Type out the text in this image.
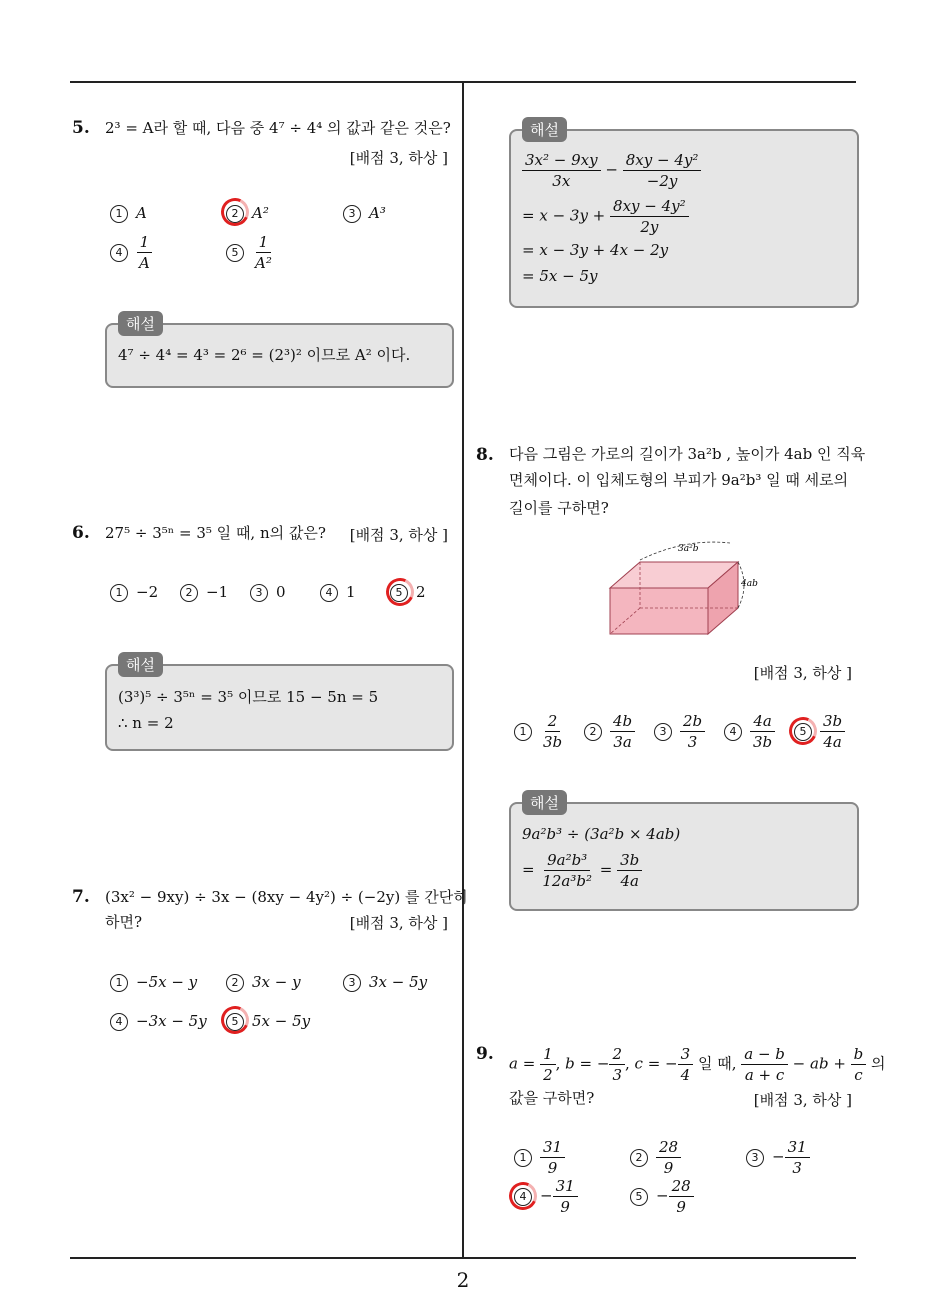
5. 2³ = A라 할 때, 다음 중 4⁷ ÷ 4⁴ 의 값과 같은 것은?
[배점 3, 하상 ]
1 A	2 A²	3 A³
$4 \frac{1}{A}$	$5 \frac{1}{\text{A²}}$
해설
4⁷ ÷ 4⁴ = 4³ = 2⁶ = (2³)² 이므로 A² 이다.
6. 27⁵ ÷ 3⁵ⁿ = 3⁵ 일 때, n의 값은? [배점 3, 하상 ]
1 −2	2 −1	3 0	4 1	5 2
해설
(3³)⁵ ÷ 3⁵ⁿ = 3⁵ 이므로 15 − 5n = 5
∴ n = 2
7. (3x² − 9xy) ÷ 3x − (8xy − 4y²) ÷ (−2y) 를 간단히
하면?	[배점 3, 하상 ]
1 −5x − y	2 3x − y	3 3x − 5y
4 −3x − 5y	5 5x − 5y
해설
$\frac{\text{3x² − 9xy}}{3x} - \frac{\text{8xy − 4y²}}{-2y}$
= $x - 3y + \frac{\text{8xy − 4y²}}{2y}$
= x − 3y + 4x − 2y
= 5x − 5y
8. 다음 그림은 가로의 길이가 3a²b , 높이가 4ab 인 직육
면체이다. 이 입체도형의 부피가 9a²b³ 일 때 세로의
길이를 구하면?
3a²b
4ab
[배점 3, 하상 ]
$1 \frac{2}{3b}$	$2 \frac{4b}{3a}$	$3 \frac{2b}{3}$	$4 \frac{4a}{3b}$	$5 \frac{3b}{4a}$
해설
9a²b³ ÷ (3a²b × 4ab)
= $\frac{\text{9a²b³}}{\text{12a³b²}} = \frac{3b}{4a}$
9. $a = \frac{1}{2}$ , b = − $\frac{2}{3}$ , c = − $\frac{3}{4}$ 일 때, $\frac{a - b}{a + c}$ − ab + $\frac{b}{c}$ 의
값을 구하면?	[배점 3, 하상 ]
$1 \frac{31}{9}$	$2 \frac{28}{9}$	$3 - \frac{31}{3}$
$4 - \frac{31}{9}$	$5 - \frac{28}{9}$
2
